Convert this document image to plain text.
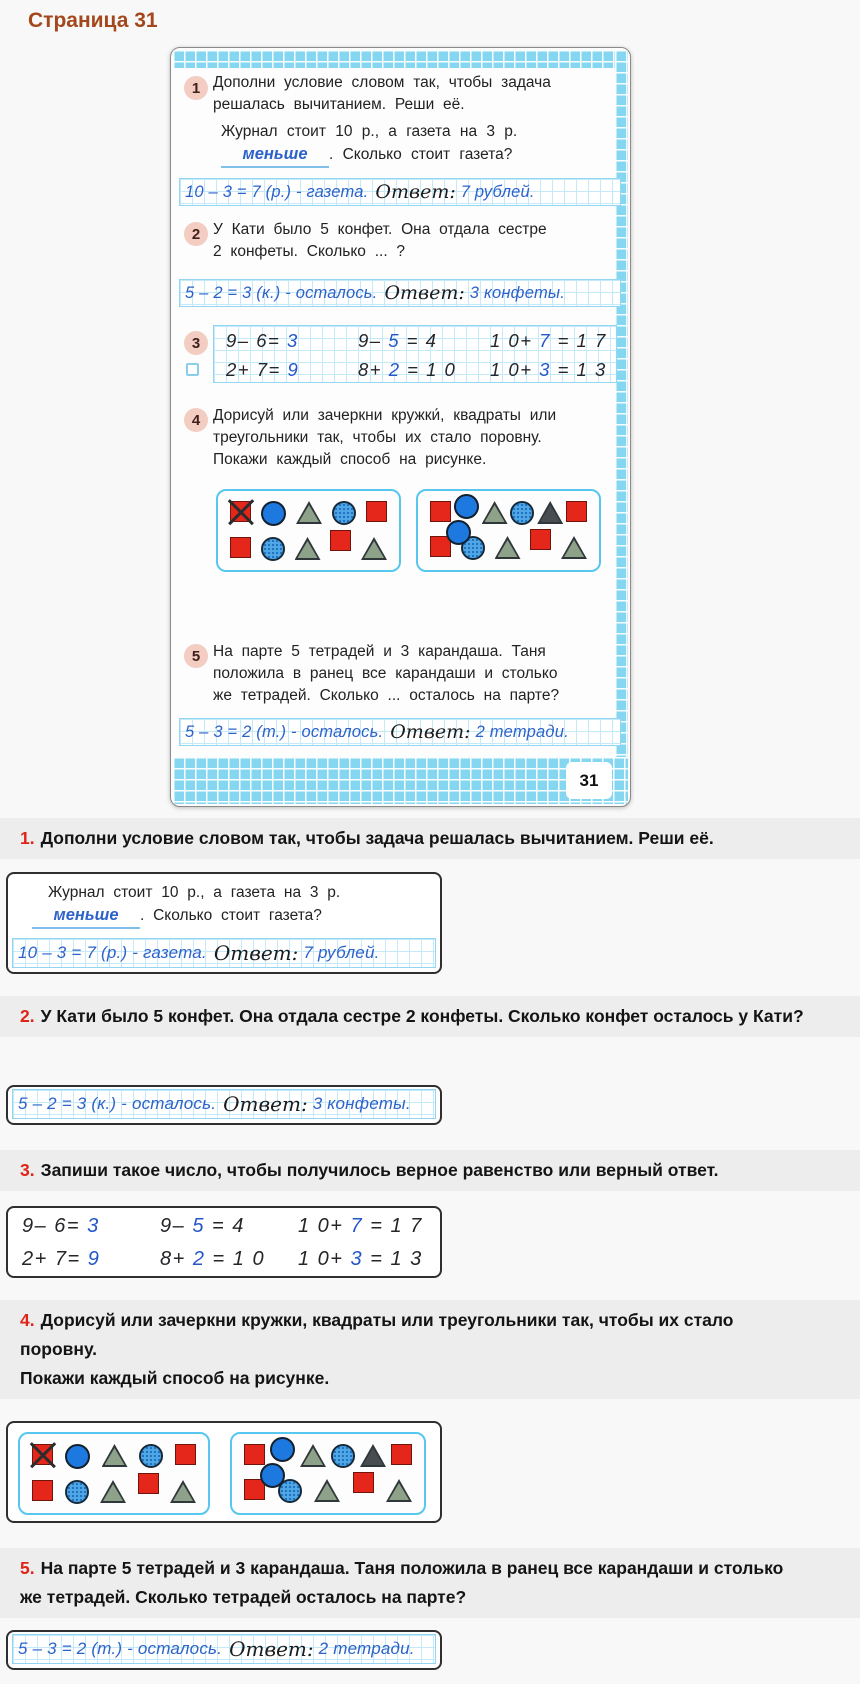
Страница 31
1 Дополни условие словом так, чтобы задача
решалась вычитанием. Реши её.
Журнал стоит 10 р., а газета на 3 р.
меньше . Сколько стоит газета?
10 – 3 = 7 (р.) - газета. Ответ: 7 рублей.
2 У Кати было 5 конфет. Она отдала сестре
2 конфеты. Сколько ... ?
5 – 2 = 3 (к.) - осталось. Ответ: 3 конфеты.
3	9– 6= 3	9– 5 = 4	1 0+ 7 = 1 7
2+ 7= 9	8+ 2 = 1 0	1 0+ 3 = 1 3
4 Дорисуй или зачеркни кружки́, квадраты или
треугольники так, чтобы их стало поровну.
Покажи каждый способ на рисунке.
5 На парте 5 тетрадей и 3 карандаша. Таня
положила в ранец все карандаши и столько
же тетрадей. Сколько ... осталось на парте?
5 – 3 = 2 (т.) - осталось. Ответ: 2 тетради.
31
1. Дополни условие словом так, чтобы задача решалась вычитанием. Реши её.
Журнал стоит 10 р., а газета на 3 р.
меньше . Сколько стоит газета?
10 – 3 = 7 (р.) - газета. Ответ: 7 рублей.
2. У Кати было 5 конфет. Она отдала сестре 2 конфеты. Сколько конфет осталось у Кати?
5 – 2 = 3 (к.) - осталось. Ответ: 3 конфеты.
3. Запиши такое число, чтобы получилось верное равенство или верный ответ.
9– 6= 3	9– 5 = 4	1 0+ 7 = 1 7
2+ 7= 9	8+ 2 = 1 0	1 0+ 3 = 1 3
4. Дорисуй или зачеркни кружки, квадраты или треугольники так, чтобы их стало поровну.
Покажи каждый способ на рисунке.
5. На парте 5 тетрадей и 3 карандаша. Таня положила в ранец все карандаши и столько же тетрадей. Сколько тетрадей осталось на парте?
5 – 3 = 2 (т.) - осталось. Ответ: 2 тетради.
